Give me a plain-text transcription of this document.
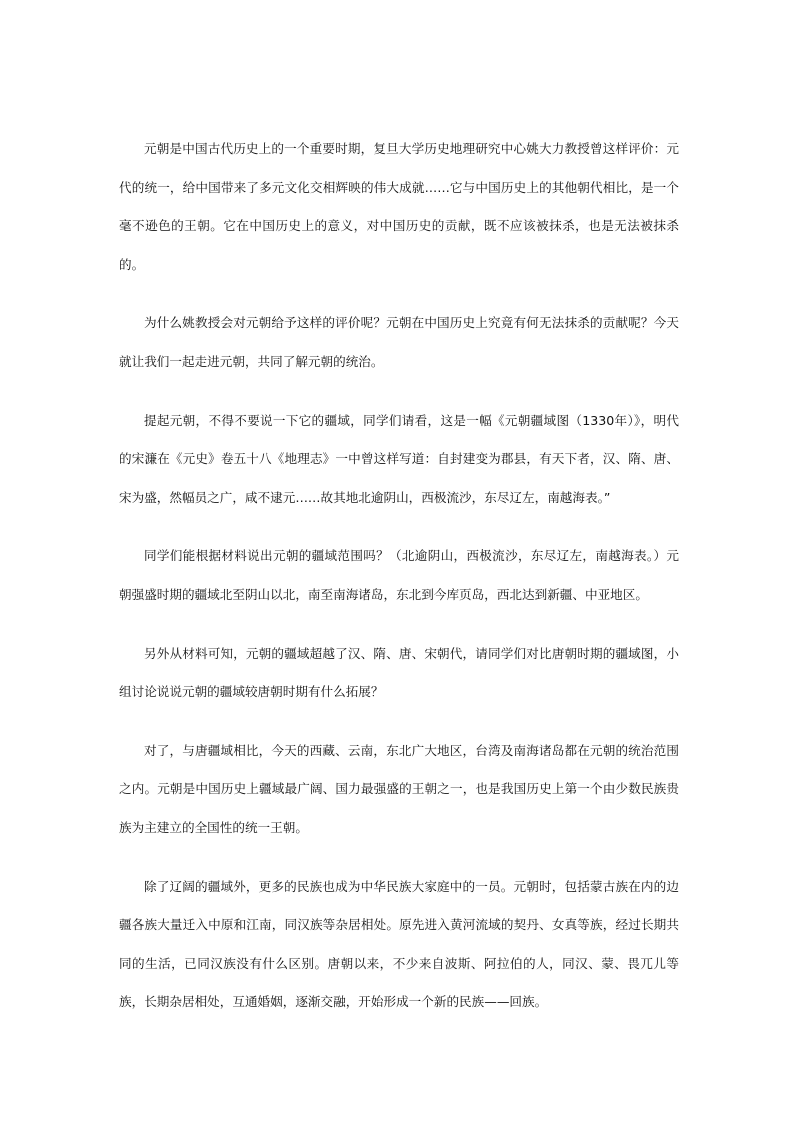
元朝是中国古代历史上的一个重要时期，复旦大学历史地理研究中心姚大力教授曾这样评价：元代的统一，给中国带来了多元文化交相辉映的伟大成就……它与中国历史上的其他朝代相比，是一个毫不逊色的王朝。它在中国历史上的意义，对中国历史的贡献，既不应该被抹杀，也是无法被抹杀的。

为什么姚教授会对元朝给予这样的评价呢？元朝在中国历史上究竟有何无法抹杀的贡献呢？今天就让我们一起走进元朝，共同了解元朝的统治。

提起元朝，不得不要说一下它的疆域，同学们请看，这是一幅《元朝疆域图（1330年）》，明代的宋濂在《元史》卷五十八《地理志》一中曾这样写道：自封建变为郡县，有天下者，汉、隋、唐、宋为盛，然幅员之广，咸不逮元……故其地北逾阴山，西极流沙，东尽辽左，南越海表。”

同学们能根据材料说出元朝的疆域范围吗？（北逾阴山，西极流沙，东尽辽左，南越海表。）元朝强盛时期的疆域北至阴山以北，南至南海诸岛，东北到今库页岛，西北达到新疆、中亚地区。

另外从材料可知，元朝的疆域超越了汉、隋、唐、宋朝代，请同学们对比唐朝时期的疆域图，小组讨论说说元朝的疆域较唐朝时期有什么拓展？

对了，与唐疆域相比，今天的西藏、云南，东北广大地区，台湾及南海诸岛都在元朝的统治范围之内。元朝是中国历史上疆域最广阔、国力最强盛的王朝之一，也是我国历史上第一个由少数民族贵族为主建立的全国性的统一王朝。

除了辽阔的疆域外，更多的民族也成为中华民族大家庭中的一员。元朝时，包括蒙古族在内的边疆各族大量迁入中原和江南，同汉族等杂居相处。原先进入黄河流域的契丹、女真等族，经过长期共同的生活，已同汉族没有什么区别。唐朝以来，不少来自波斯、阿拉伯的人，同汉、蒙、畏兀儿等族，长期杂居相处，互通婚姻，逐渐交融，开始形成一个新的民族——回族。
